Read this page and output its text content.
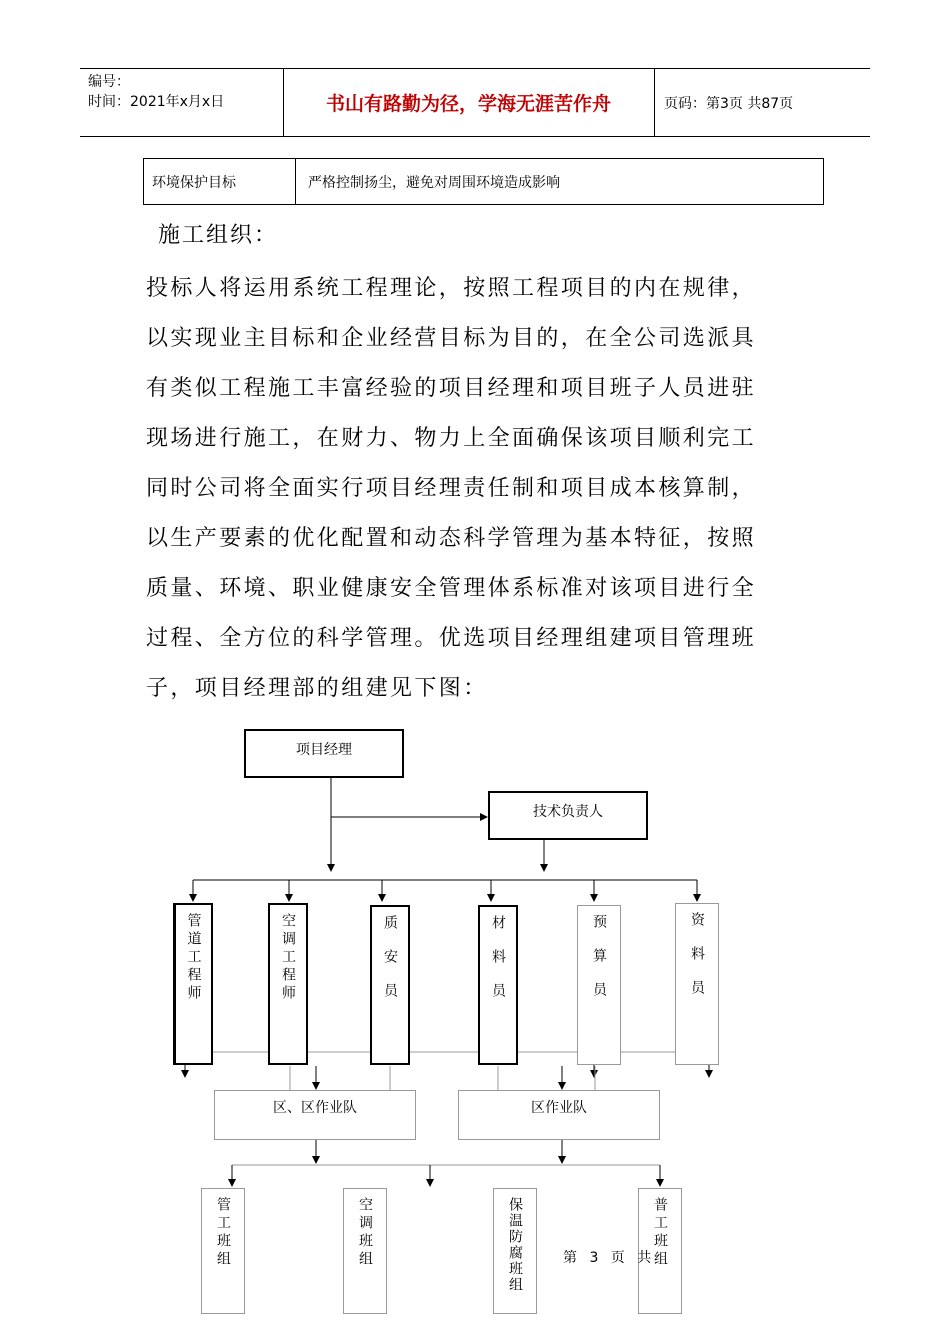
编号：
时间：2021年x月x日	书山有路勤为径，学海无涯苦作舟	页码：第3页 共87页
环境保护目标	严格控制扬尘，避免对周围环境造成影响
施工组织：
投标人将运用系统工程理论，按照工程项目的内在规律，
以实现业主目标和企业经营目标为目的，在全公司选派具
有类似工程施工丰富经验的项目经理和项目班子人员进驻
现场进行施工，在财力、物力上全面确保该项目顺利完工
同时公司将全面实行项目经理责任制和项目成本核算制，
以生产要素的优化配置和动态科学管理为基本特征，按照
质量、环境、职业健康安全管理体系标准对该项目进行全
过程、全方位的科学管理。优选项目经理组建项目管理班
子，项目经理部的组建见下图：
项目经理
技术负责人
管道工程师	空调工程师	质安员	材料员	预算员	资料员
区、区作业队	区作业队
管工班组	空调班组	保温防腐班组	普工班组
第 3 页 共
